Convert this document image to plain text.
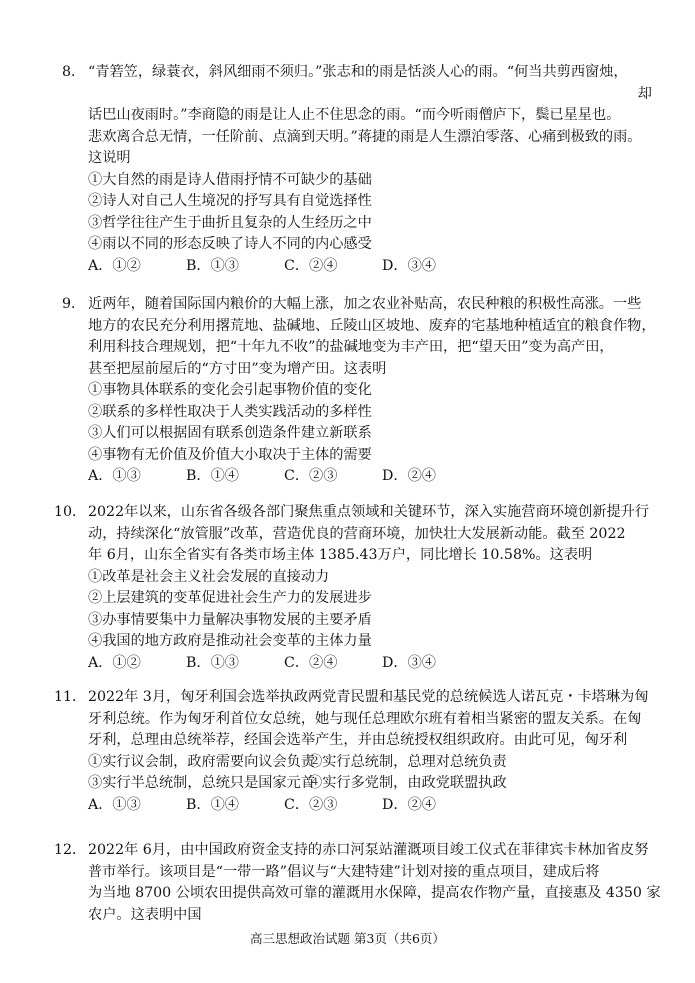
8． “青箬笠，绿蓑衣，斜风细雨不须归。”张志和的雨是恬淡人心的雨。“何当共剪西窗烛，
却
话巴山夜雨时。”李商隐的雨是让人止不住思念的雨。“而今听雨僧庐下，鬓已星星也。
悲欢离合总无情，一任阶前、点滴到天明。”蒋捷的雨是人生漂泊零落、心痛到极致的雨。
这说明
①大自然的雨是诗人借雨抒情不可缺少的基础
②诗人对自己人生境况的抒写具有自觉选择性
③哲学往往产生于曲折且复杂的人生经历之中
④雨以不同的形态反映了诗人不同的内心感受
A．①②	B．①③	C．②④	D．③④
9． 近两年，随着国际国内粮价的大幅上涨，加之农业补贴高，农民种粮的积极性高涨。一些
地方的农民充分利用撂荒地、盐碱地、丘陵山区坡地、废弃的宅基地种植适宜的粮食作物，
利用科技合理规划，把“十年九不收”的盐碱地变为丰产田，把“望天田”变为高产田，
甚至把屋前屋后的“方寸田”变为增产田。这表明
①事物具体联系的变化会引起事物价值的变化
②联系的多样性取决于人类实践活动的多样性
③人们可以根据固有联系创造条件建立新联系
④事物有无价值及价值大小取决于主体的需要
A．①③	B．①④	C．②③	D．②④
10． 2022年以来，山东省各级各部门聚焦重点领域和关键环节，深入实施营商环境创新提升行
动，持续深化“放管服”改革，营造优良的营商环境，加快壮大发展新动能。截至 2022
年 6月，山东全省实有各类市场主体 1385.43万户，同比增长 10.58%。这表明
①改革是社会主义社会发展的直接动力
②上层建筑的变革促进社会生产力的发展进步
③办事情要集中力量解决事物发展的主要矛盾
④我国的地方政府是推动社会变革的主体力量
A．①②	B．①③	C．②④	D．③④
11． 2022年 3月，匈牙利国会选举执政两党青民盟和基民党的总统候选人诺瓦克・卡塔琳为匈
牙利总统。作为匈牙利首位女总统，她与现任总理欧尔班有着相当紧密的盟友关系。在匈
牙利，总理由总统举荐，经国会选举产生，并由总统授权组织政府。由此可见，匈牙利
①实行议会制，政府需要向议会负责②实行总统制，总理对总统负责
③实行半总统制，总统只是国家元首④实行多党制，由政党联盟执政
A．①③	B．①④	C．②③	D．②④
12． 2022年 6月，由中国政府资金支持的赤口河泵站灌溉项目竣工仪式在菲律宾卡林加省皮努
普市举行。该项目是“一带一路”倡议与“大建特建”计划对接的重点项目，建成后将
为当地 8700 公顷农田提供高效可靠的灌溉用水保障，提高农作物产量，直接惠及 4350 家
农户。这表明中国
高三思想政治试题 第3页（共6页）
